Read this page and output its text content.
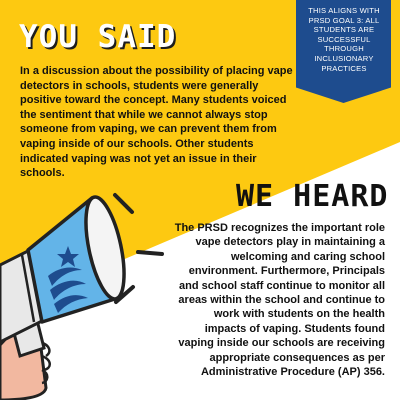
YOU SAID
In a discussion about the possibility of placing vape detectors in schools, students were generally positive toward the concept. Many students voiced the sentiment that while we cannot always stop someone from vaping, we can prevent them from vaping inside of our schools. Other students indicated vaping was not yet an issue in their schools.
THIS ALIGNS WITH PRSD GOAL 3: ALL STUDENTS ARE SUCCESSFUL THROUGH INCLUSIONARY PRACTICES
WE HEARD
The PRSD recognizes the important role vape detectors play in maintaining a welcoming and caring school environment. Furthermore, Principals and school staff continue to monitor all areas within the school and continue to work with students on the health impacts of vaping. Students found vaping inside our schools are receiving appropriate consequences as per Administrative Procedure (AP) 356.
